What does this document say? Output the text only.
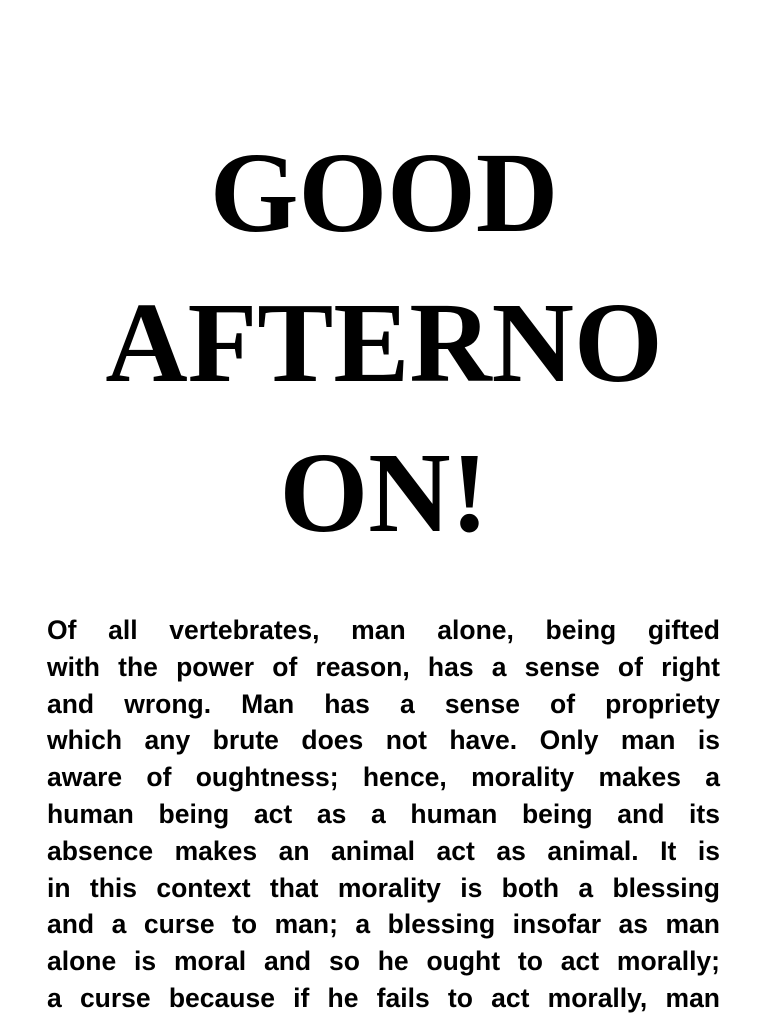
GOOD
AFTERNO
ON!
Of all vertebrates, man alone, being gifted
with the power of reason, has a sense of right
and wrong. Man has a sense of propriety
which any brute does not have. Only man is
aware of oughtness; hence, morality makes a
human being act as a human being and its
absence makes an animal act as animal. It is
in this context that morality is both a blessing
and a curse to man; a blessing insofar as man
alone is moral and so he ought to act morally;
a curse because if he fails to act morally, man
